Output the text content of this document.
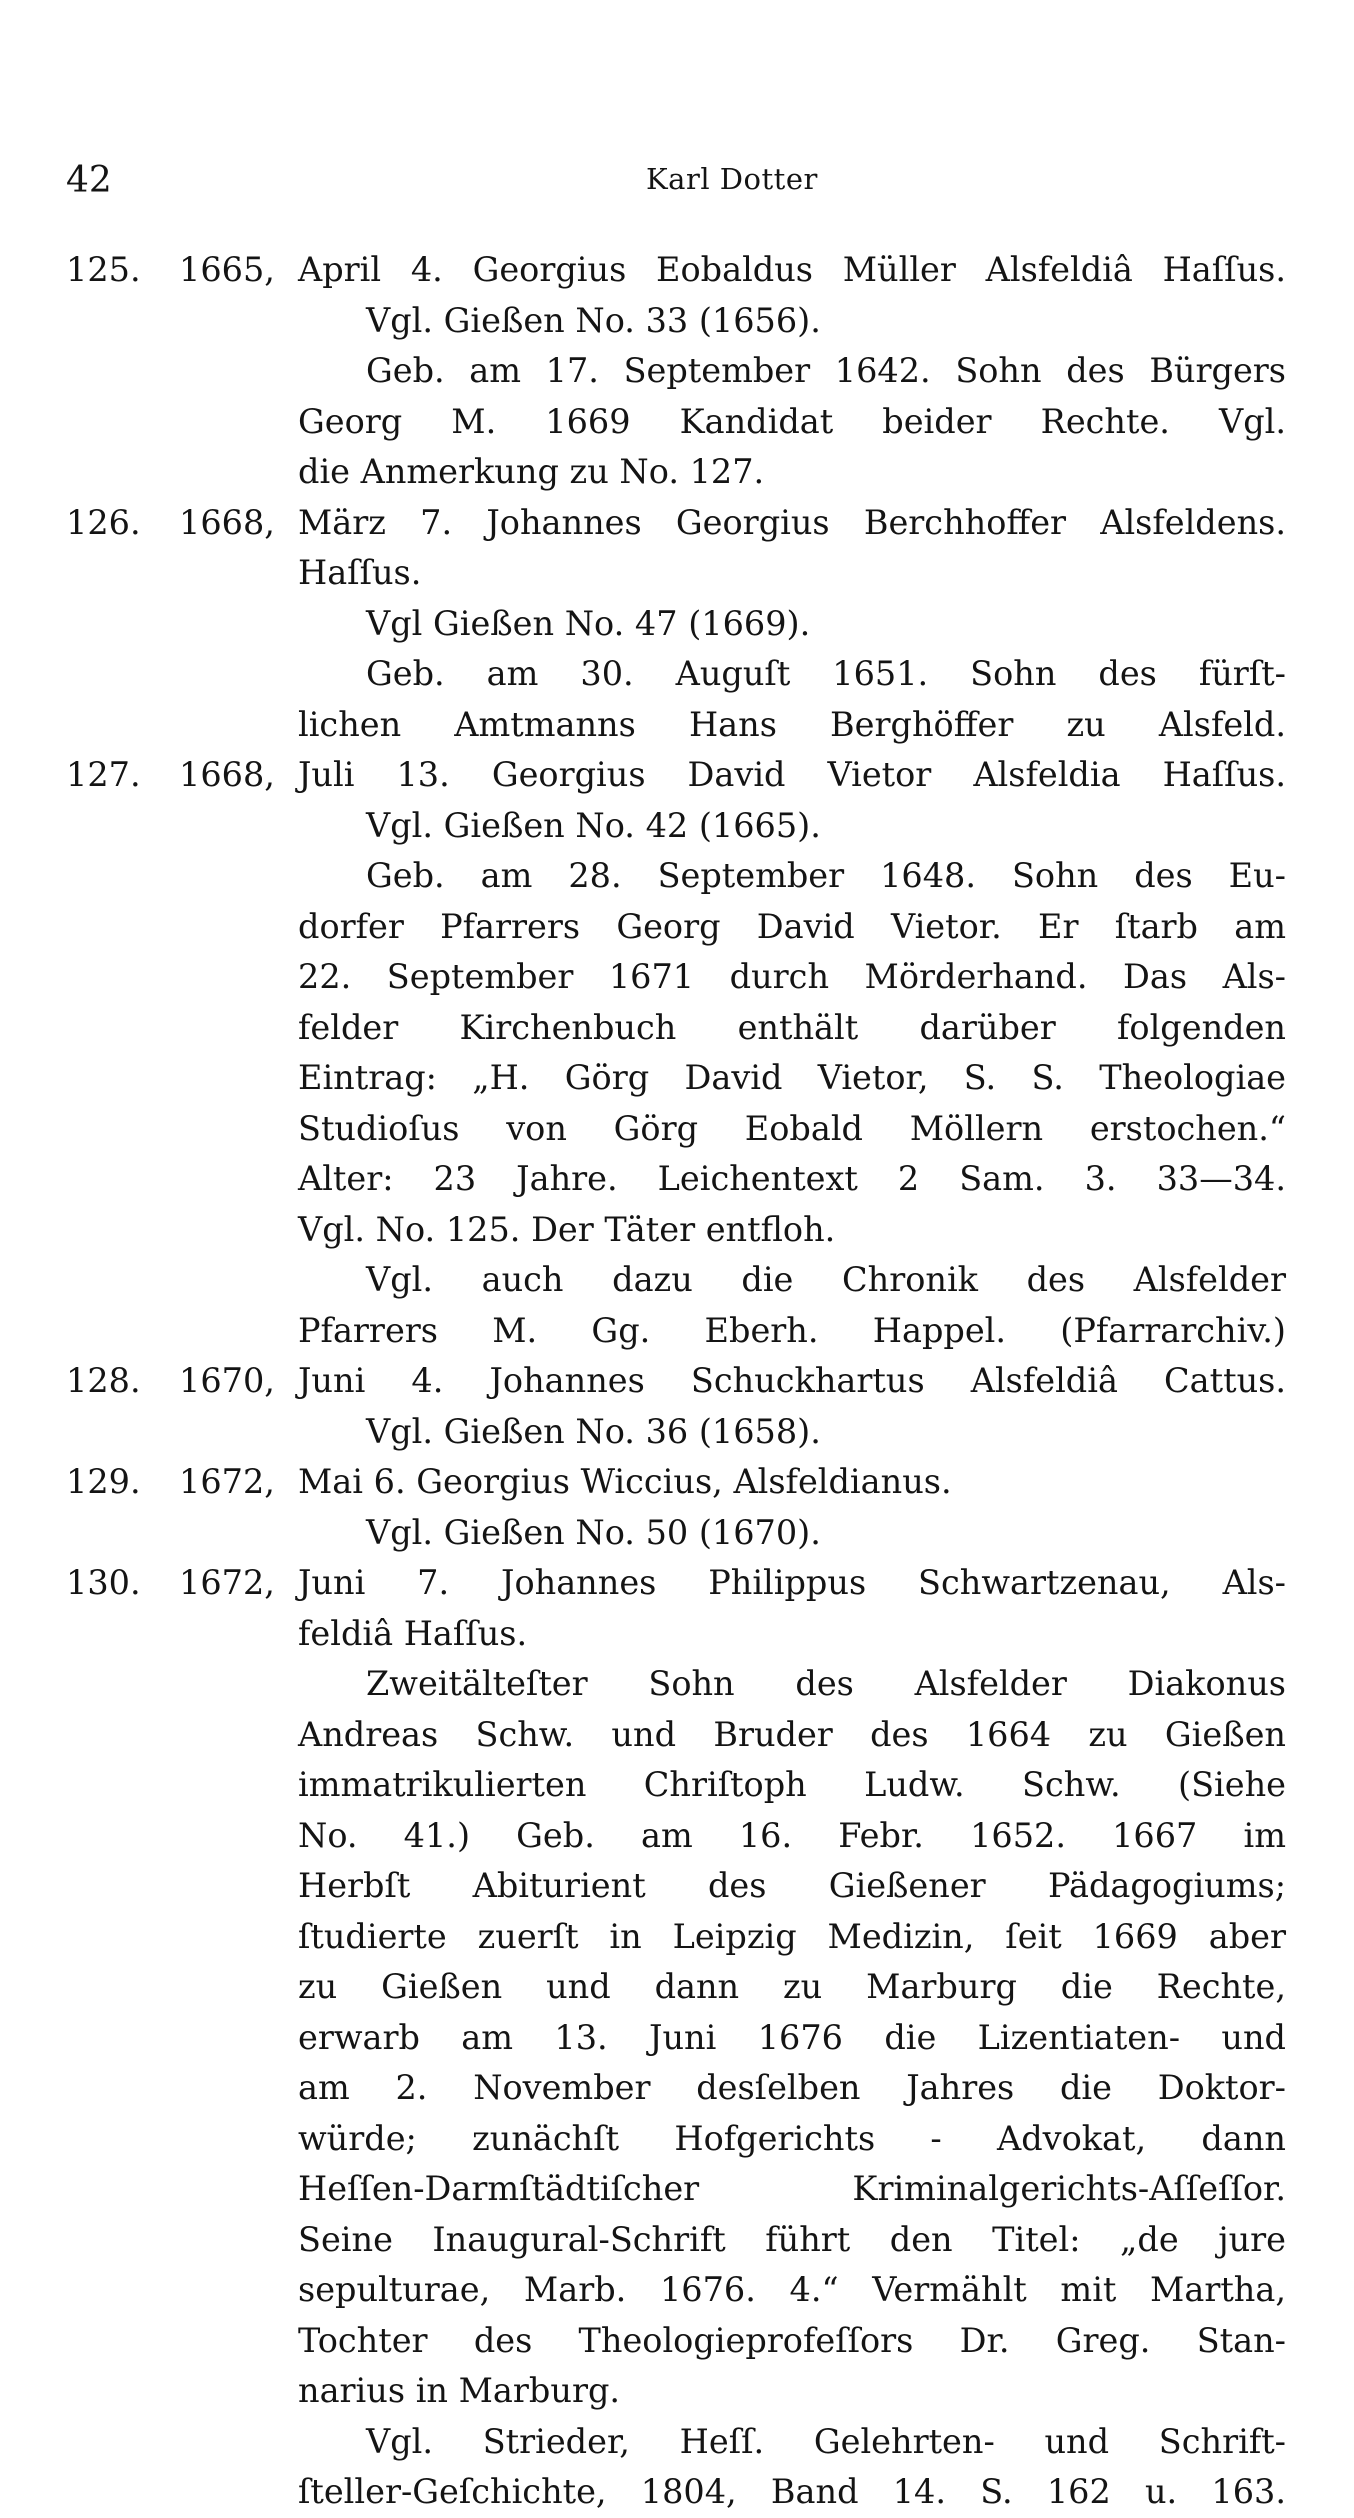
42	Karl Dotter
125.	1665, April 4. Georgius Eobaldus Müller Alsfeldiâ Haſſus.
Vgl. Gießen No. 33 (1656).
Geb. am 17. September 1642. Sohn des Bürgers
Georg M. 1669 Kandidat beider Rechte. Vgl.
die Anmerkung zu No. 127.
126.	1668, März 7. Johannes Georgius Berchhoffer Alsfeldens.
Haſſus.
Vgl Gießen No. 47 (1669).
Geb. am 30. Auguſt 1651. Sohn des fürſt-
lichen Amtmanns Hans Berghöffer zu Alsfeld.
127.	1668, Juli 13. Georgius David Vietor Alsfeldia Haſſus.
Vgl. Gießen No. 42 (1665).
Geb. am 28. September 1648. Sohn des Eu-
dorfer Pfarrers Georg David Vietor. Er ſtarb am
22. September 1671 durch Mörderhand. Das Als-
felder Kirchenbuch enthält darüber folgenden
Eintrag: „H. Görg David Vietor, S. S. Theologiae
Studioſus von Görg Eobald Möllern erstochen.“
Alter: 23 Jahre. Leichentext 2 Sam. 3. 33—34.
Vgl. No. 125. Der Täter entfloh.
Vgl. auch dazu die Chronik des Alsfelder
Pfarrers M. Gg. Eberh. Happel. (Pfarrarchiv.)
128.	1670, Juni 4. Johannes Schuckhartus Alsfeldiâ Cattus.
Vgl. Gießen No. 36 (1658).
129.	1672, Mai 6. Georgius Wiccius, Alsfeldianus.
Vgl. Gießen No. 50 (1670).
130.	1672, Juni 7. Johannes Philippus Schwartzenau, Als-
feldiâ Haſſus.
Zweitälteſter Sohn des Alsfelder Diakonus
Andreas Schw. und Bruder des 1664 zu Gießen
immatrikulierten Chriſtoph Ludw. Schw. (Siehe
No. 41.) Geb. am 16. Febr. 1652. 1667 im
Herbſt Abiturient des Gießener Pädagogiums;
ſtudierte zuerſt in Leipzig Medizin, ſeit 1669 aber
zu Gießen und dann zu Marburg die Rechte,
erwarb am 13. Juni 1676 die Lizentiaten- und
am 2. November desſelben Jahres die Doktor-
würde; zunächſt Hofgerichts - Advokat, dann
Heſſen-Darmſtädtiſcher Kriminalgerichts-Aſſeſſor.
Seine Inaugural-Schrift führt den Titel: „de jure
sepulturae, Marb. 1676. 4.“ Vermählt mit Martha,
Tochter des Theologieprofeſſors Dr. Greg. Stan-
narius in Marburg.
Vgl. Strieder, Heſſ. Gelehrten- und Schrift-
ſteller-Geſchichte, 1804, Band 14. S. 162 u. 163.
